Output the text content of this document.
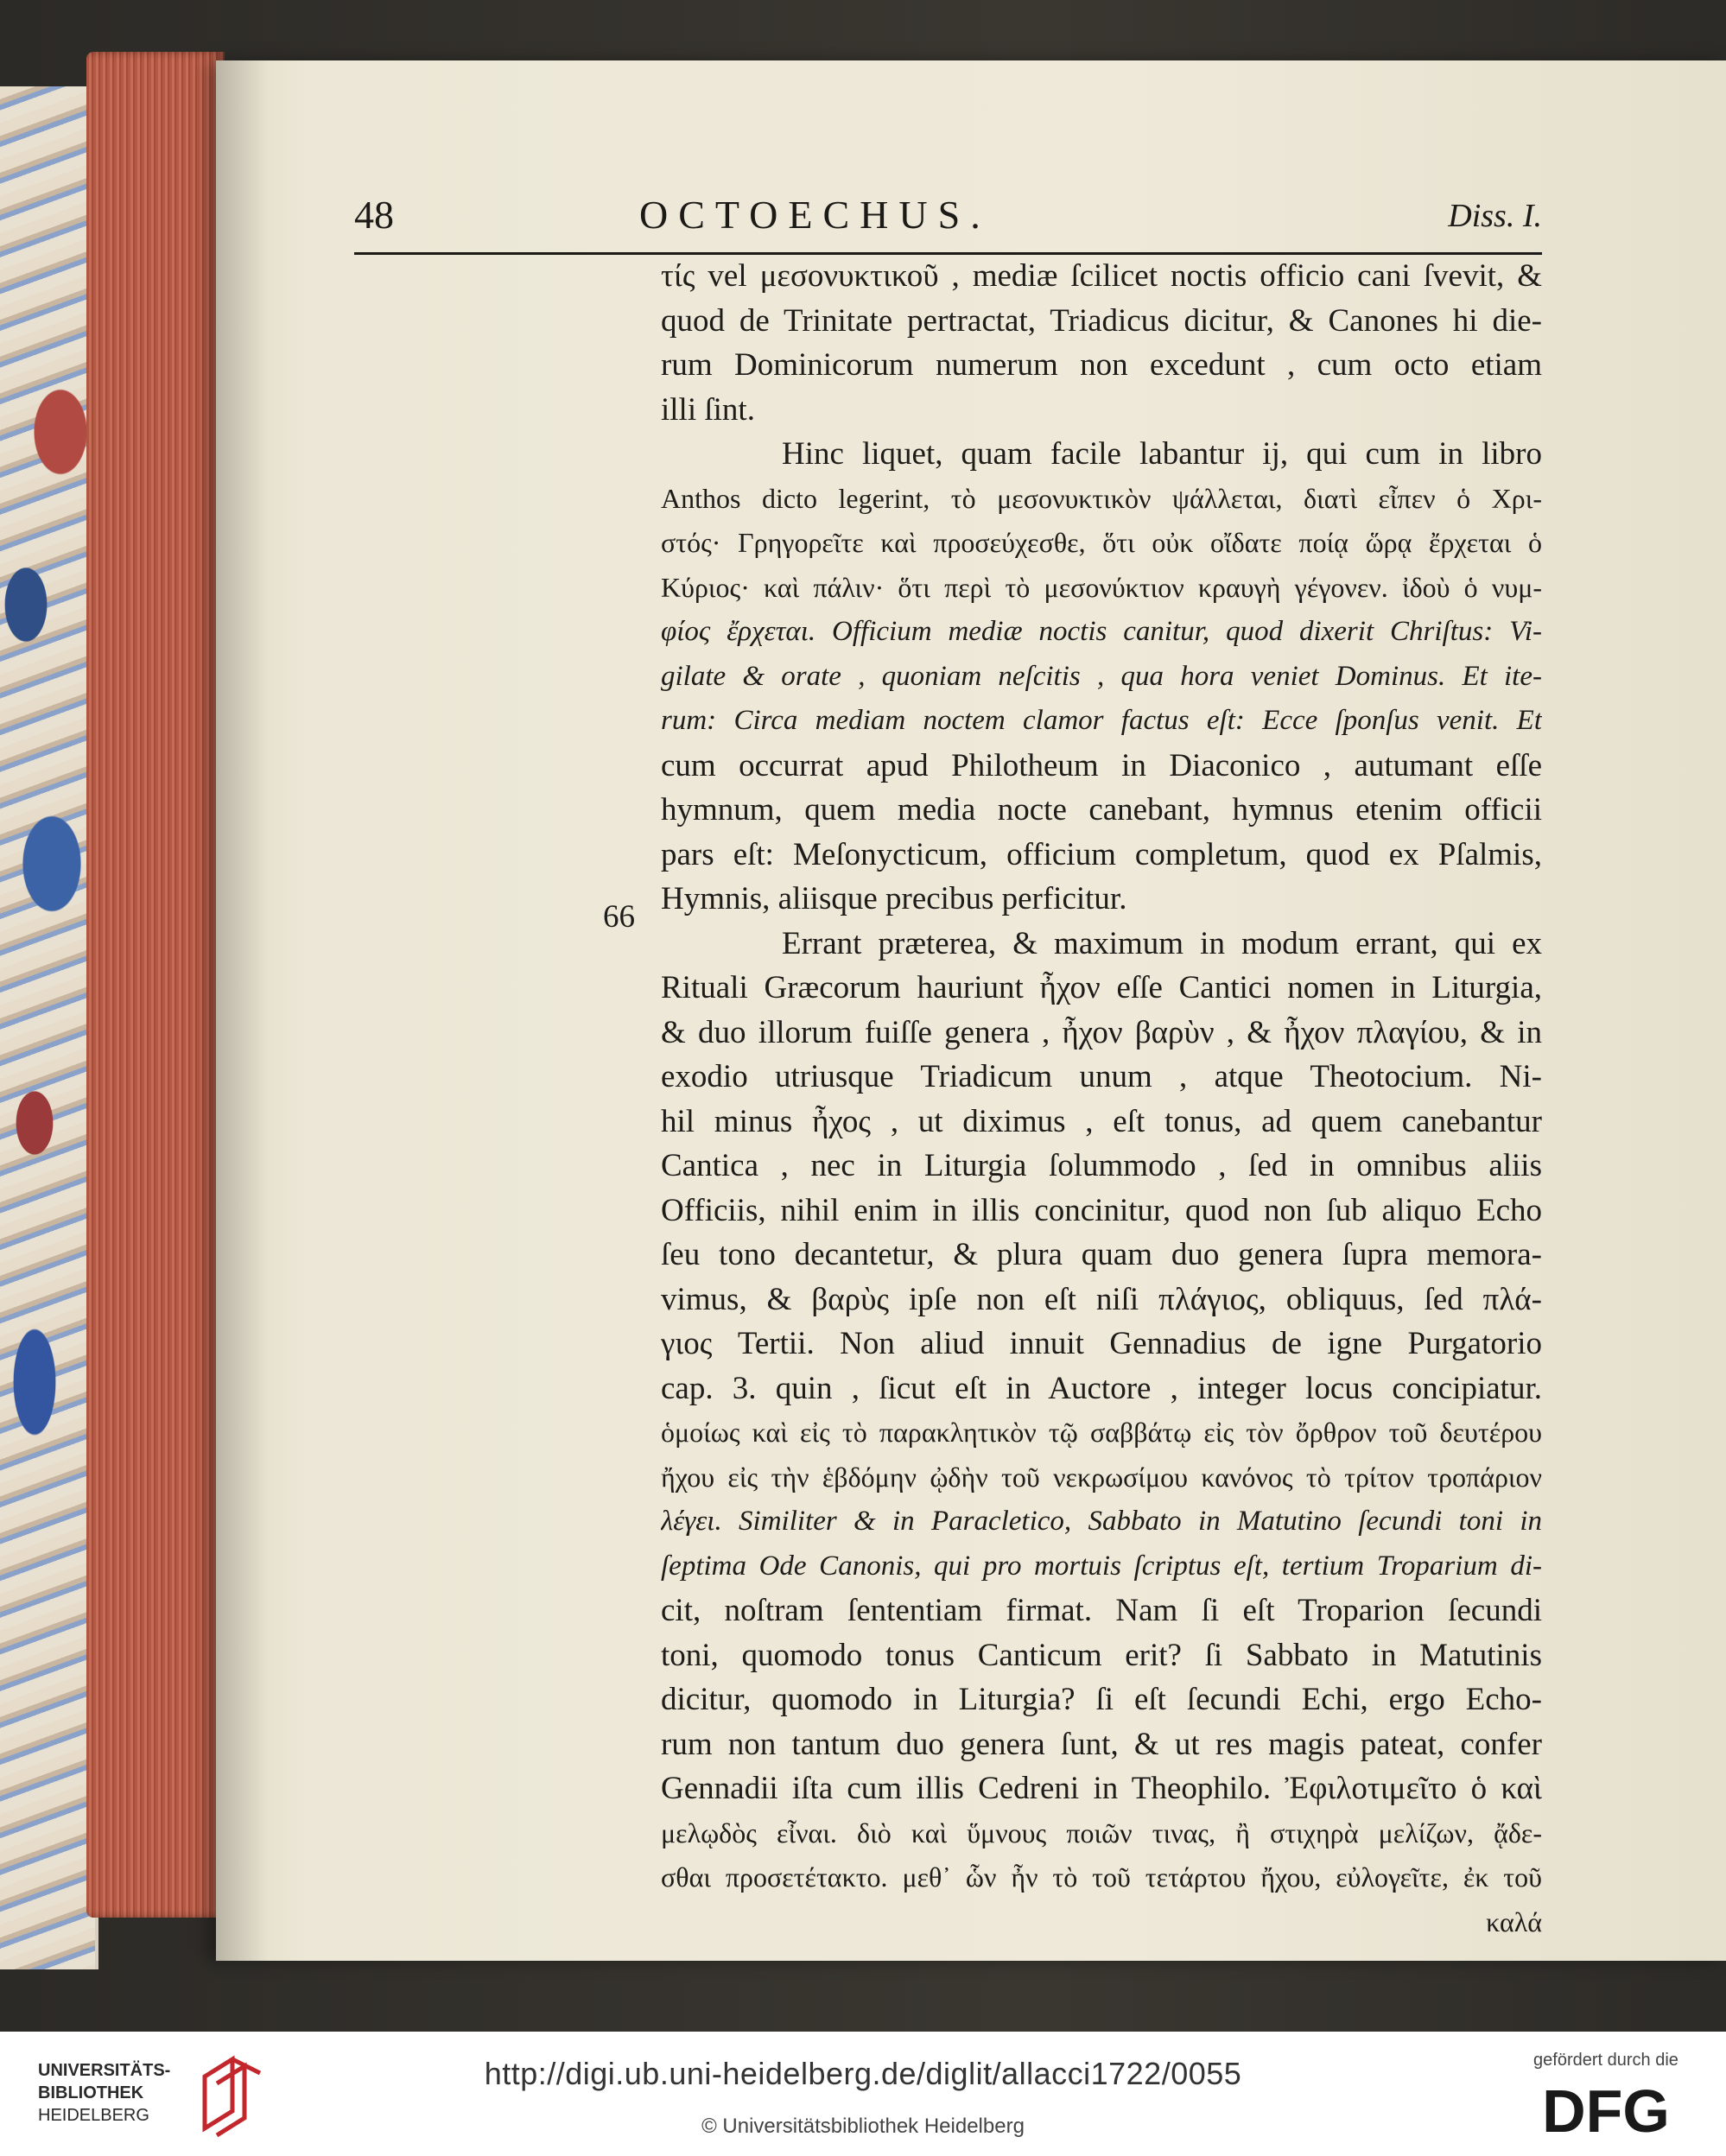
48	OCTOECHUS.	Diss. I.
66
τίς vel μεσονυκτικοῦ , mediæ ſcilicet noctis officio cani ſvevit, &
quod de Trinitate pertractat, Triadicus dicitur, & Canones hi die-
rum Dominicorum numerum non excedunt , cum octo etiam
illi ſint.
Hinc liquet, quam facile labantur ij, qui cum in libro
Anthos dicto legerint, τὸ μεσονυκτικὸν ψάλλεται, διατὶ εἶπεν ὁ Χρι-
στός· Γρηγορεῖτε καὶ προσεύχεσθε, ὅτι οὐκ οἴδατε ποίᾳ ὥρᾳ ἔρχεται ὁ
Κύριος· καὶ πάλιν· ὅτι περὶ τὸ μεσονύκτιον κραυγὴ γέγονεν. ἰδοὺ ὁ νυμ-
φίος ἔρχεται. Officium mediæ noctis canitur, quod dixerit Chriſtus: Vi-
gilate & orate , quoniam neſcitis , qua hora veniet Dominus. Et ite-
rum: Circa mediam noctem clamor factus eſt: Ecce ſponſus venit. Et
cum occurrat apud Philotheum in Diaconico , autumant eſſe
hymnum, quem media nocte canebant, hymnus etenim officii
pars eſt: Meſonycticum, officium completum, quod ex Pſalmis,
Hymnis, aliisque precibus perficitur.
Errant præterea, & maximum in modum errant, qui ex
Rituali Græcorum hauriunt ἦχον eſſe Cantici nomen in Liturgia,
& duo illorum fuiſſe genera , ἦχον βαρὺν , & ἦχον πλαγίου, & in
exodio utriusque Triadicum unum , atque Theotocium. Ni-
hil minus ἦχος , ut diximus , eſt tonus, ad quem canebantur
Cantica , nec in Liturgia ſolummodo , ſed in omnibus aliis
Officiis, nihil enim in illis concinitur, quod non ſub aliquo Echo
ſeu tono decantetur, & plura quam duo genera ſupra memora-
vimus, & βαρὺς ipſe non eſt niſi πλάγιος, obliquus, ſed πλά-
γιος Tertii. Non aliud innuit Gennadius de igne Purgatorio
cap. 3. quin , ſicut eſt in Auctore , integer locus concipiatur.
ὁμοίως καὶ εἰς τὸ παρακλητικὸν τῷ σαββάτῳ εἰς τὸν ὄρθρον τοῦ δευτέρου
ἤχου εἰς τὴν ἑβδόμην ᾠδὴν τοῦ νεκρωσίμου κανόνος τὸ τρίτον τροπάριον
λέγει. Similiter & in Paracletico, Sabbato in Matutino ſecundi toni in
ſeptima Ode Canonis, qui pro mortuis ſcriptus eſt, tertium Troparium di-
cit, noſtram ſententiam firmat. Nam ſi eſt Troparion ſecundi
toni, quomodo tonus Canticum erit? ſi Sabbato in Matutinis
dicitur, quomodo in Liturgia? ſi eſt ſecundi Echi, ergo Echo-
rum non tantum duo genera ſunt, & ut res magis pateat, confer
Gennadii iſta cum illis Cedreni in Theophilo. Ἐφιλοτιμεῖτο ὁ καὶ
μελῳδὸς εἶναι. διὸ καὶ ὕμνους ποιῶν τινας, ἢ στιχηρὰ μελίζων, ᾄδε-
σθαι προσετέτακτο. μεθ᾽ ὧν ἦν τὸ τοῦ τετάρτου ἤχου, εὐλογεῖτε, ἐκ τοῦ
καλά
UNIVERSITÄTS-
BIBLIOTHEK
HEIDELBERG
http://digi.ub.uni-heidelberg.de/diglit/allacci1722/0055
© Universitätsbibliothek Heidelberg
gefördert durch die
DFG
